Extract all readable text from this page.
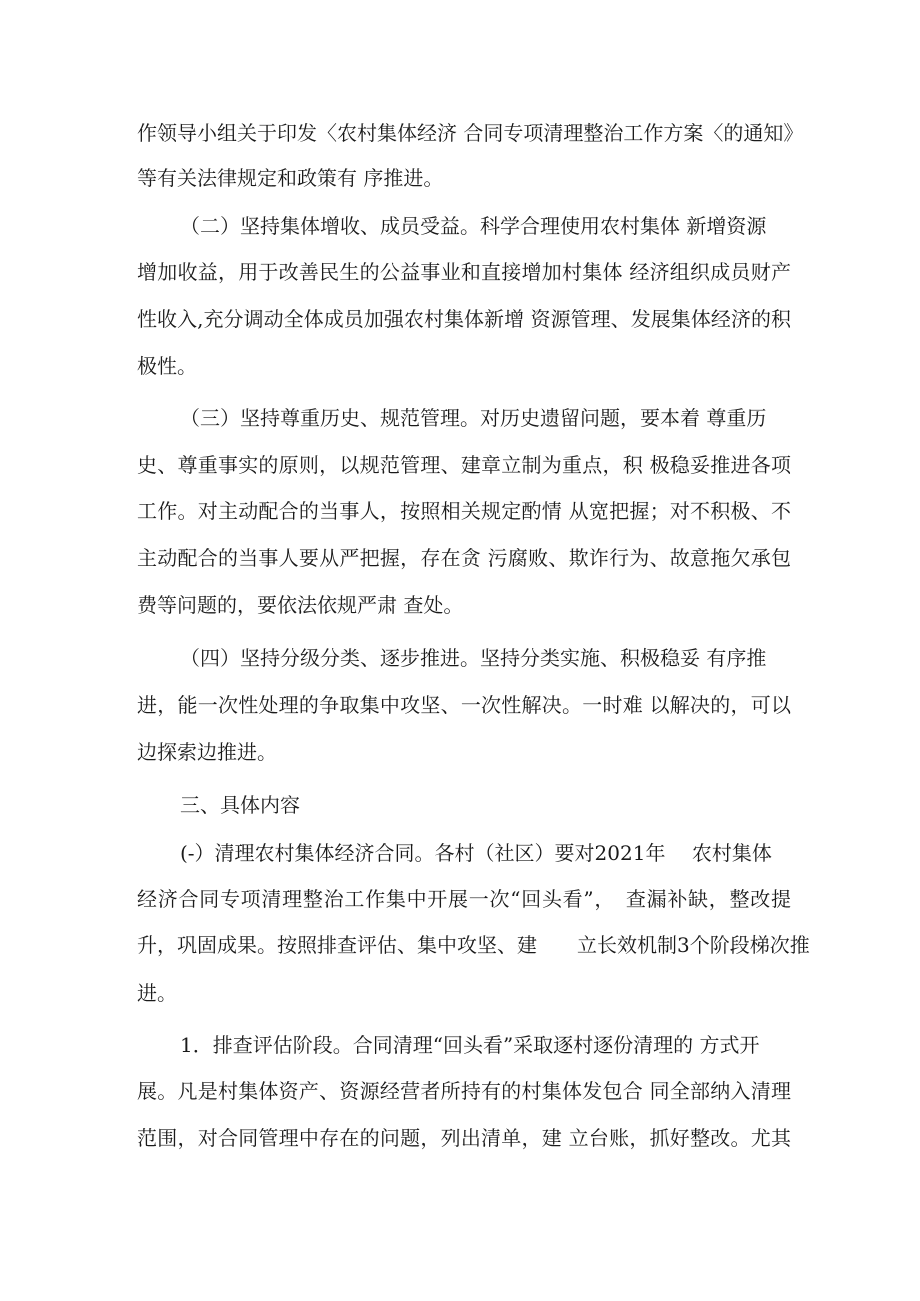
作领导小组关于印发〈农村集体经济 合同专项清理整治工作方案〈的通知》

等有关法律规定和政策有 序推进。

（二）坚持集体增收、成员受益。科学合理使用农村集体 新增资源

增加收益，用于改善民生的公益事业和直接增加村集体 经济组织成员财产

性收入,充分调动全体成员加强农村集体新增 资源管理、发展集体经济的积

极性。

（三）坚持尊重历史、规范管理。对历史遗留问题，要本着 尊重历

史、尊重事实的原则，以规范管理、建章立制为重点，积 极稳妥推进各项

工作。对主动配合的当事人，按照相关规定酌情 从宽把握；对不积极、不

主动配合的当事人要从严把握，存在贪 污腐败、欺诈行为、故意拖欠承包

费等问题的，要依法依规严肃 查处。

（四）坚持分级分类、逐步推进。坚持分类实施、积极稳妥 有序推

进，能一次性处理的争取集中攻坚、一次性解决。一时难 以解决的，可以

边探索边推进。

三、具体内容

(-）清理农村集体经济合同。各村（社区）要对2021年　 农村集体

经济合同专项清理整治工作集中开展一次“回头看”，　查漏补缺，整改提

升，巩固成果。按照排查评估、集中攻坚、建　　立长效机制3个阶段梯次推

进。

1．排查评估阶段。合同清理“回头看”采取逐村逐份清理的 方式开

展。凡是村集体资产、资源经营者所持有的村集体发包合 同全部纳入清理

范围，对合同管理中存在的问题，列出清单，建 立台账，抓好整改。尤其
